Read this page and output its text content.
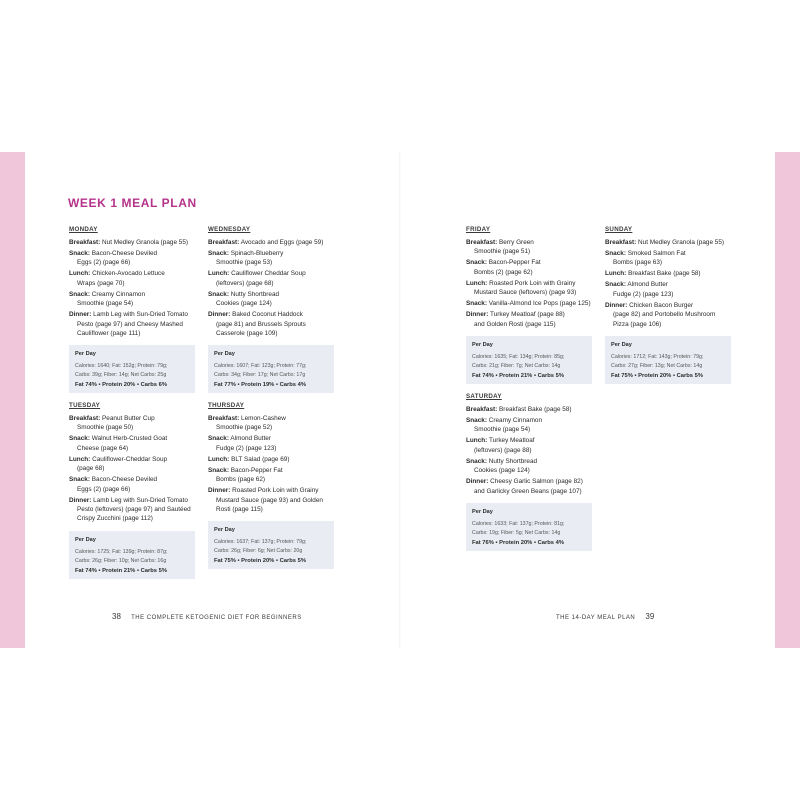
WEEK 1 MEAL PLAN
MONDAY
Breakfast: Nut Medley Granola (page 55)
Snack: Bacon-Cheese Deviled
Eggs (2) (page 66)
Lunch: Chicken-Avocado Lettuce
Wraps (page 70)
Snack: Creamy Cinnamon
Smoothie (page 54)
Dinner: Lamb Leg with Sun-Dried Tomato
Pesto (page 97) and Cheesy Mashed
Cauliflower (page 111)
Per Day
Calories: 1640; Fat: 152g; Protein: 79g;
Carbs: 39g; Fiber: 14g; Net Carbs: 25g
Fat 74% • Protein 20% • Carbs 6%
TUESDAY
Breakfast: Peanut Butter Cup
Smoothie (page 50)
Snack: Walnut Herb-Crusted Goat
Cheese (page 64)
Lunch: Cauliflower-Cheddar Soup
(page 68)
Snack: Bacon-Cheese Deviled
Eggs (2) (page 66)
Dinner: Lamb Leg with Sun-Dried Tomato
Pesto (leftovers) (page 97) and Sautéed
Crispy Zucchini (page 112)
Per Day
Calories: 1725; Fat: 139g; Protein: 87g;
Carbs: 26g; Fiber: 10g; Net Carbs: 16g
Fat 74% • Protein 21% • Carbs 5%
WEDNESDAY
Breakfast: Avocado and Eggs (page 59)
Snack: Spinach-Blueberry
Smoothie (page 53)
Lunch: Cauliflower Cheddar Soup
(leftovers) (page 68)
Snack: Nutty Shortbread
Cookies (page 124)
Dinner: Baked Coconut Haddock
(page 81) and Brussels Sprouts
Casserole (page 109)
Per Day
Calories: 1607; Fat: 123g; Protein: 77g;
Carbs: 34g; Fiber: 17g; Net Carbs: 17g
Fat 77% • Protein 19% • Carbs 4%
THURSDAY
Breakfast: Lemon-Cashew
Smoothie (page 52)
Snack: Almond Butter
Fudge (2) (page 123)
Lunch: BLT Salad (page 69)
Snack: Bacon-Pepper Fat
Bombs (page 62)
Dinner: Roasted Pork Loin with Grainy
Mustard Sauce (page 93) and Golden
Rosti (page 115)
Per Day
Calories: 1637; Fat: 137g; Protein: 79g;
Carbs: 26g; Fiber: 6g; Net Carbs: 20g
Fat 75% • Protein 20% • Carbs 5%
FRIDAY
Breakfast: Berry Green
Smoothie (page 51)
Snack: Bacon-Pepper Fat
Bombs (2) (page 62)
Lunch: Roasted Pork Loin with Grainy
Mustard Sauce (leftovers) (page 93)
Snack: Vanilla-Almond Ice Pops (page 125)
Dinner: Turkey Meatloaf (page 88)
and Golden Rosti (page 115)
Per Day
Calories: 1635; Fat: 134g; Protein: 85g;
Carbs: 21g; Fiber: 7g; Net Carbs: 14g
Fat 74% • Protein 21% • Carbs 5%
SATURDAY
Breakfast: Breakfast Bake (page 58)
Snack: Creamy Cinnamon
Smoothie (page 54)
Lunch: Turkey Meatloaf
(leftovers) (page 88)
Snack: Nutty Shortbread
Cookies (page 124)
Dinner: Cheesy Garlic Salmon (page 82)
and Garlicky Green Beans (page 107)
Per Day
Calories: 1633; Fat: 137g; Protein: 81g;
Carbs: 19g; Fiber: 5g; Net Carbs: 14g
Fat 76% • Protein 20% • Carbs 4%
SUNDAY
Breakfast: Nut Medley Granola (page 55)
Snack: Smoked Salmon Fat
Bombs (page 63)
Lunch: Breakfast Bake (page 58)
Snack: Almond Butter
Fudge (2) (page 123)
Dinner: Chicken Bacon Burger
(page 82) and Portobello Mushroom
Pizza (page 106)
Per Day
Calories: 1712; Fat: 143g; Protein: 79g;
Carbs: 27g; Fiber: 13g; Net Carbs: 14g
Fat 75% • Protein 20% • Carbs 5%
38 THE COMPLETE KETOGENIC DIET FOR BEGINNERS	THE 14-DAY MEAL PLAN 39
